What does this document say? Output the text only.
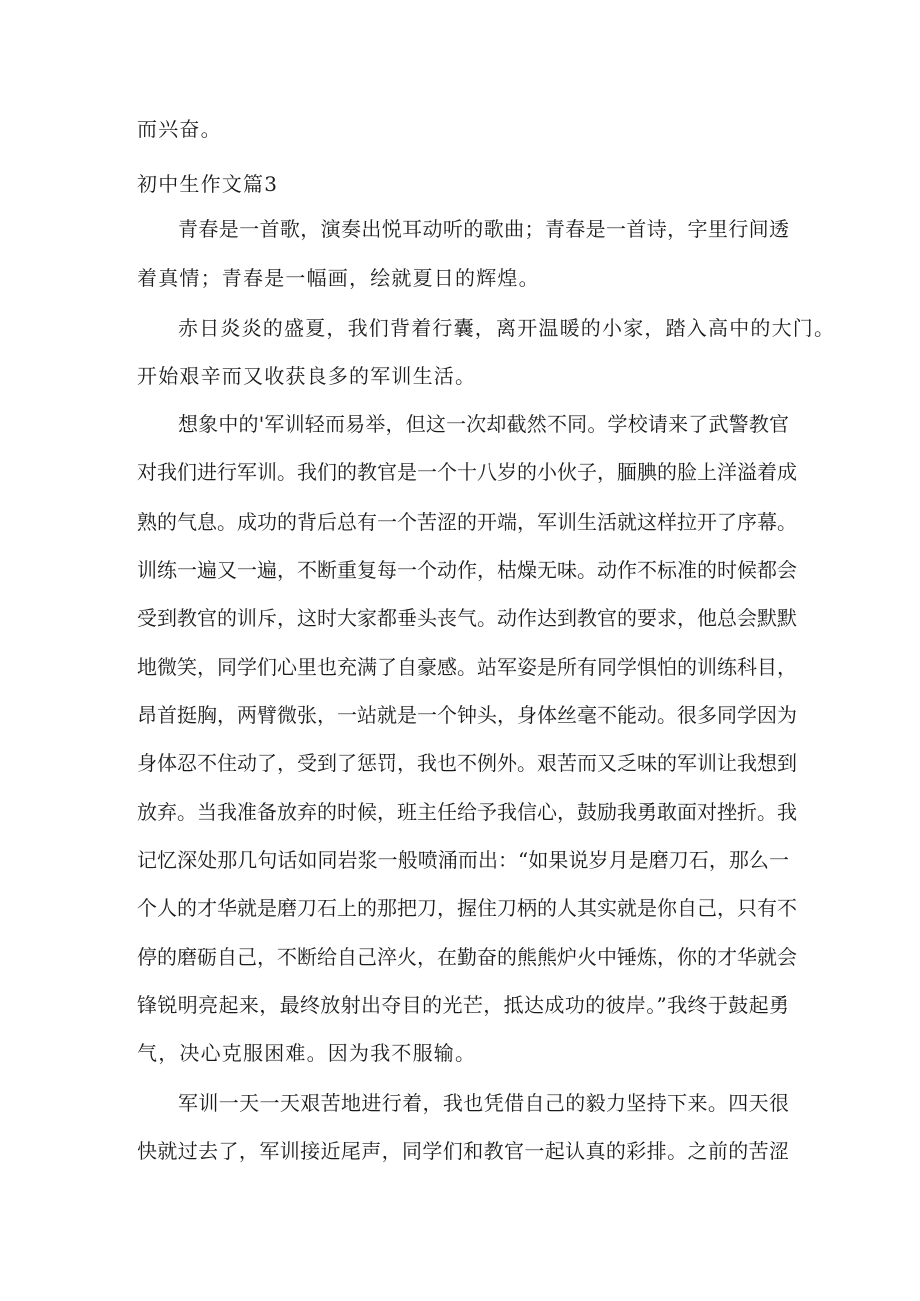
而兴奋。
初中生作文篇3
青春是一首歌，演奏出悦耳动听的歌曲；青春是一首诗，字里行间透
着真情；青春是一幅画，绘就夏日的辉煌。
赤日炎炎的盛夏，我们背着行囊，离开温暖的小家，踏入高中的大门。
开始艰辛而又收获良多的军训生活。
想象中的'军训轻而易举，但这一次却截然不同。学校请来了武警教官
对我们进行军训。我们的教官是一个十八岁的小伙子，腼腆的脸上洋溢着成
熟的气息。成功的背后总有一个苦涩的开端，军训生活就这样拉开了序幕。
训练一遍又一遍，不断重复每一个动作，枯燥无味。动作不标准的时候都会
受到教官的训斥，这时大家都垂头丧气。动作达到教官的要求，他总会默默
地微笑，同学们心里也充满了自豪感。站军姿是所有同学惧怕的训练科目，
昂首挺胸，两臂微张，一站就是一个钟头，身体丝毫不能动。很多同学因为
身体忍不住动了，受到了惩罚，我也不例外。艰苦而又乏味的军训让我想到
放弃。当我准备放弃的时候，班主任给予我信心，鼓励我勇敢面对挫折。我
记忆深处那几句话如同岩浆一般喷涌而出：“如果说岁月是磨刀石，那么一
个人的才华就是磨刀石上的那把刀，握住刀柄的人其实就是你自己，只有不
停的磨砺自己，不断给自己淬火，在勤奋的熊熊炉火中锤炼，你的才华就会
锋锐明亮起来，最终放射出夺目的光芒，抵达成功的彼岸。”我终于鼓起勇
气，决心克服困难。因为我不服输。
军训一天一天艰苦地进行着，我也凭借自己的毅力坚持下来。四天很
快就过去了，军训接近尾声，同学们和教官一起认真的彩排。之前的苦涩
